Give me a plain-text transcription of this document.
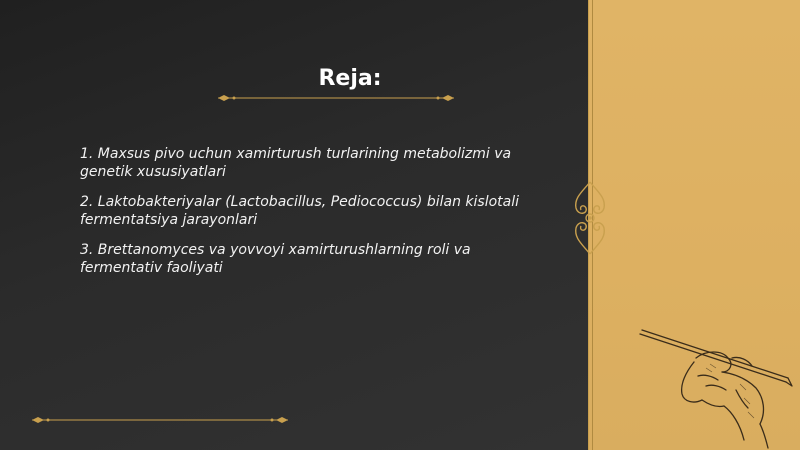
Reja:
1. Maxsus pivo uchun xamirturush turlarining metabolizmi va genetik xususiyatlari
2. Laktobakteriyalar (Lactobacillus, Pediococcus) bilan kislotali fermentatsiya jarayonlari
3. Brettanomyces va yovvoyi xamirturushlarning roli va fermentativ faoliyati
